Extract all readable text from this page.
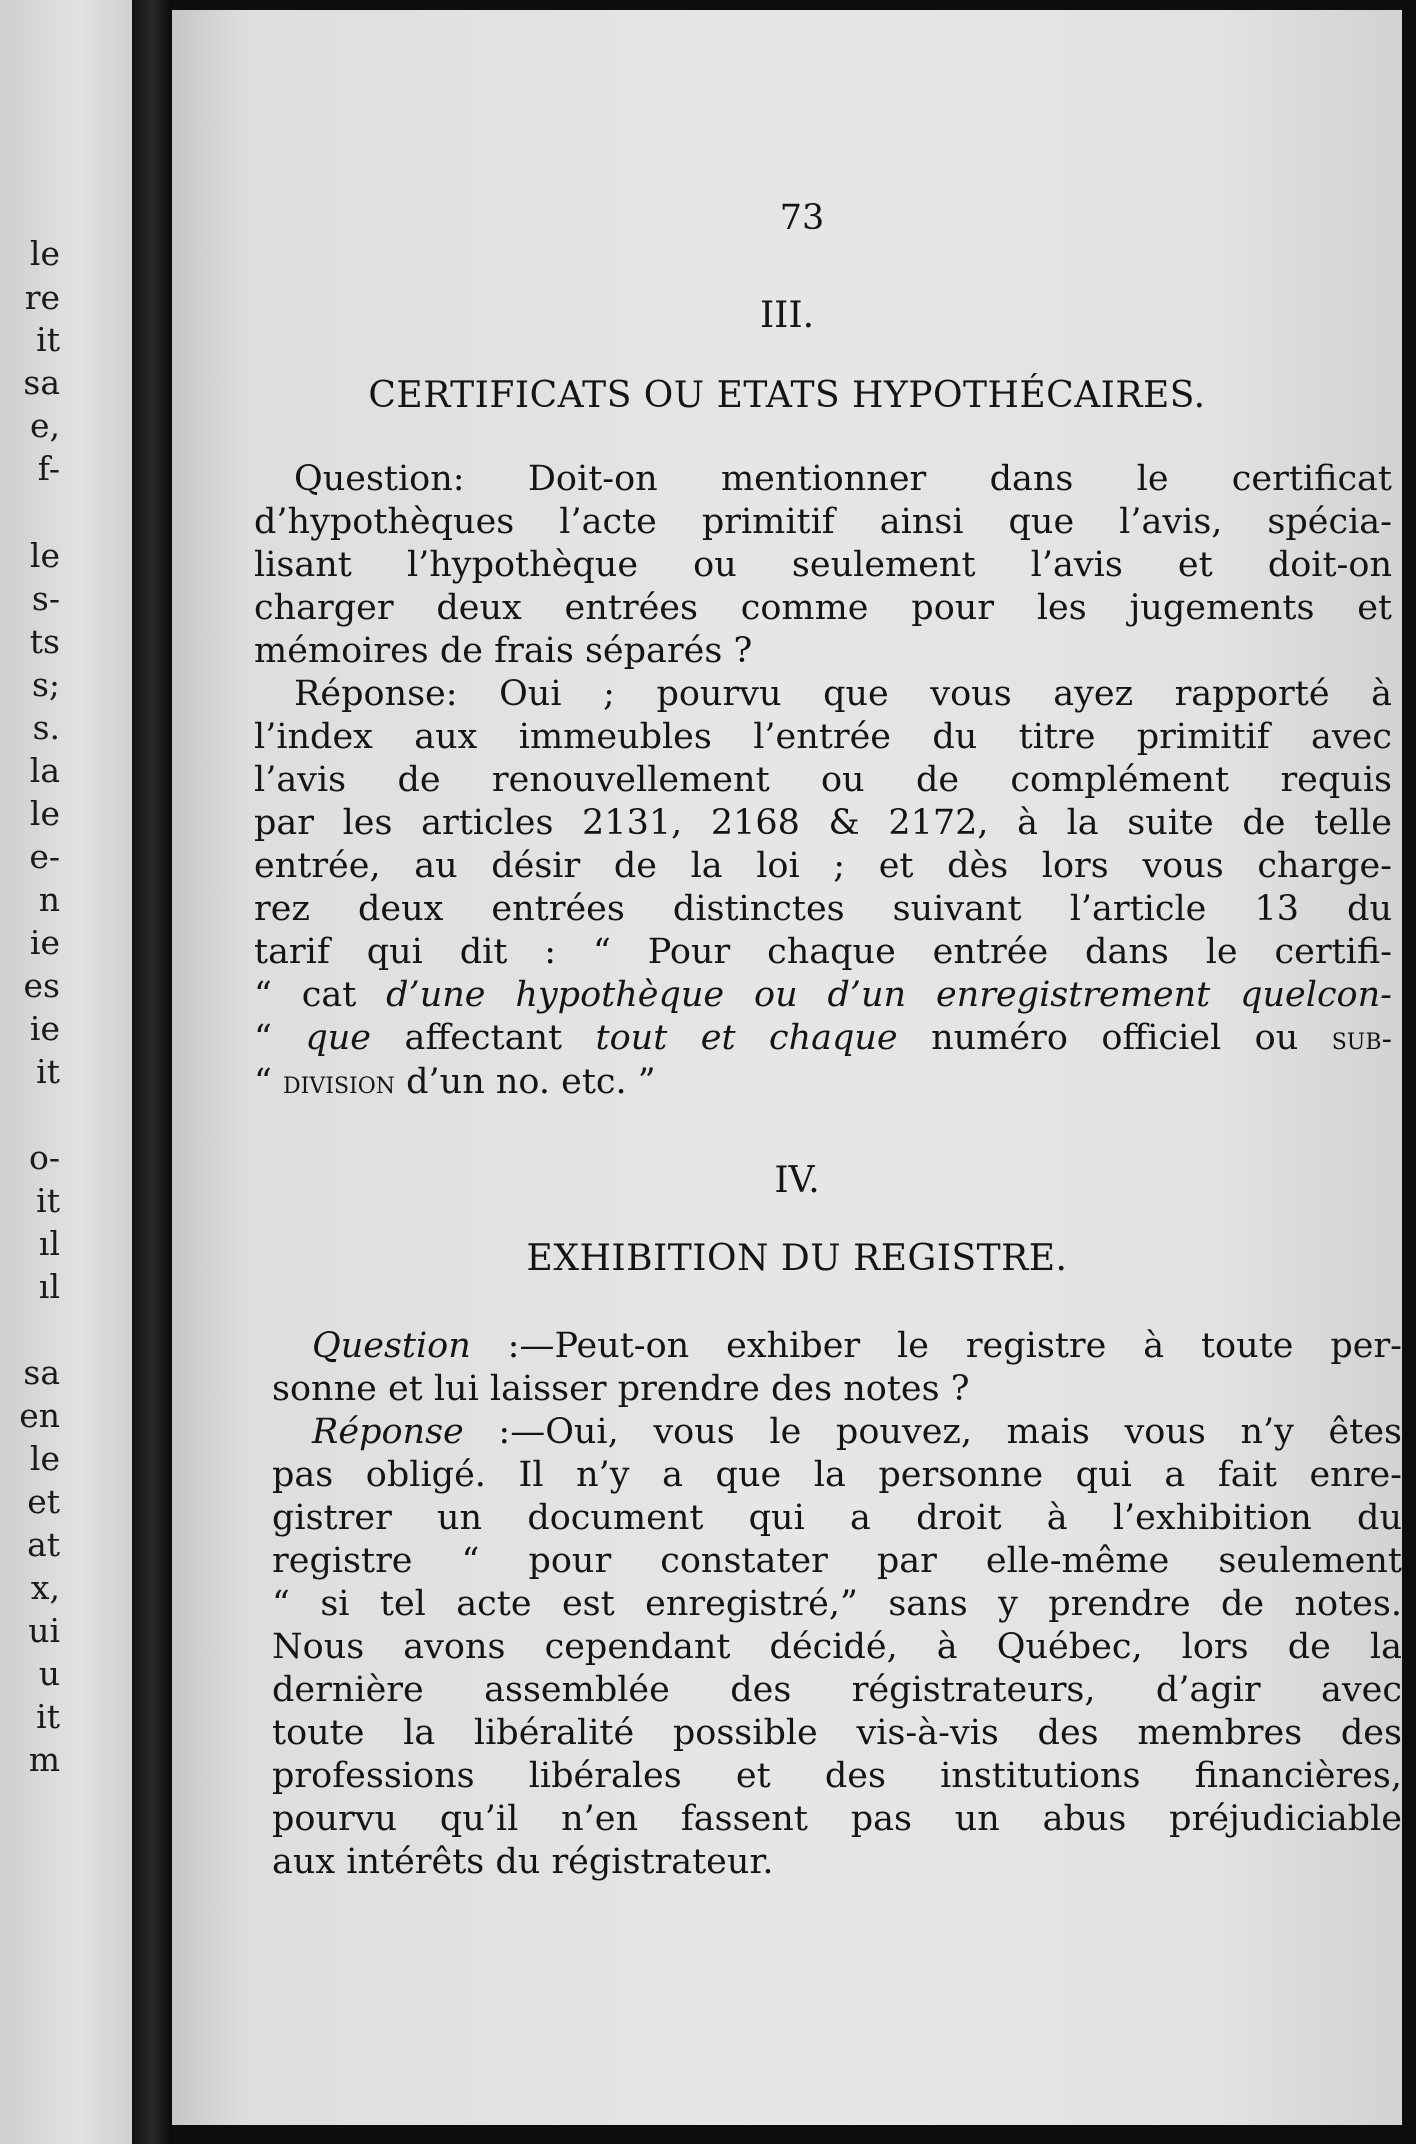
le
re
it
sa
e,
f-
le
s-
ts
s;
s.
la
le
e-
n
ie
es
ie
it
o-
it
ıl
ıl
sa
en
le
et
at
x,
ui
u
it
m
73
III.
CERTIFICATS OU ETATS HYPOTHÉCAIRES.
Question: Doit-on mentionner dans le certificat
d’hypothèques l’acte primitif ainsi que l’avis, spécia-
lisant l’hypothèque ou seulement l’avis et doit-on
charger deux entrées comme pour les jugements et
mémoires de frais séparés ?
Réponse: Oui ; pourvu que vous ayez rapporté à
l’index aux immeubles l’entrée du titre primitif avec
l’avis de renouvellement ou de complément requis
par les articles 2131, 2168 & 2172, à la suite de telle
entrée, au désir de la loi ; et dès lors vous charge-
rez deux entrées distinctes suivant l’article 13 du
tarif qui dit : “ Pour chaque entrée dans le certifi-
“ cat d’une hypothèque ou d’un enregistrement quelcon-
“ que affectant tout et chaque numéro officiel ou sub-
“ division d’un no. etc. ”
IV.
EXHIBITION DU REGISTRE.
Question :—Peut-on exhiber le registre à toute per-
sonne et lui laisser prendre des notes ?
Réponse :—Oui, vous le pouvez, mais vous n’y êtes
pas obligé. Il n’y a que la personne qui a fait enre-
gistrer un document qui a droit à l’exhibition du
registre “ pour constater par elle-même seulement
“ si tel acte est enregistré,” sans y prendre de notes.
Nous avons cependant décidé, à Québec, lors de la
dernière assemblée des régistrateurs, d’agir avec
toute la libéralité possible vis-à-vis des membres des
professions libérales et des institutions financières,
pourvu qu’il n’en fassent pas un abus préjudiciable
aux intérêts du régistrateur.
